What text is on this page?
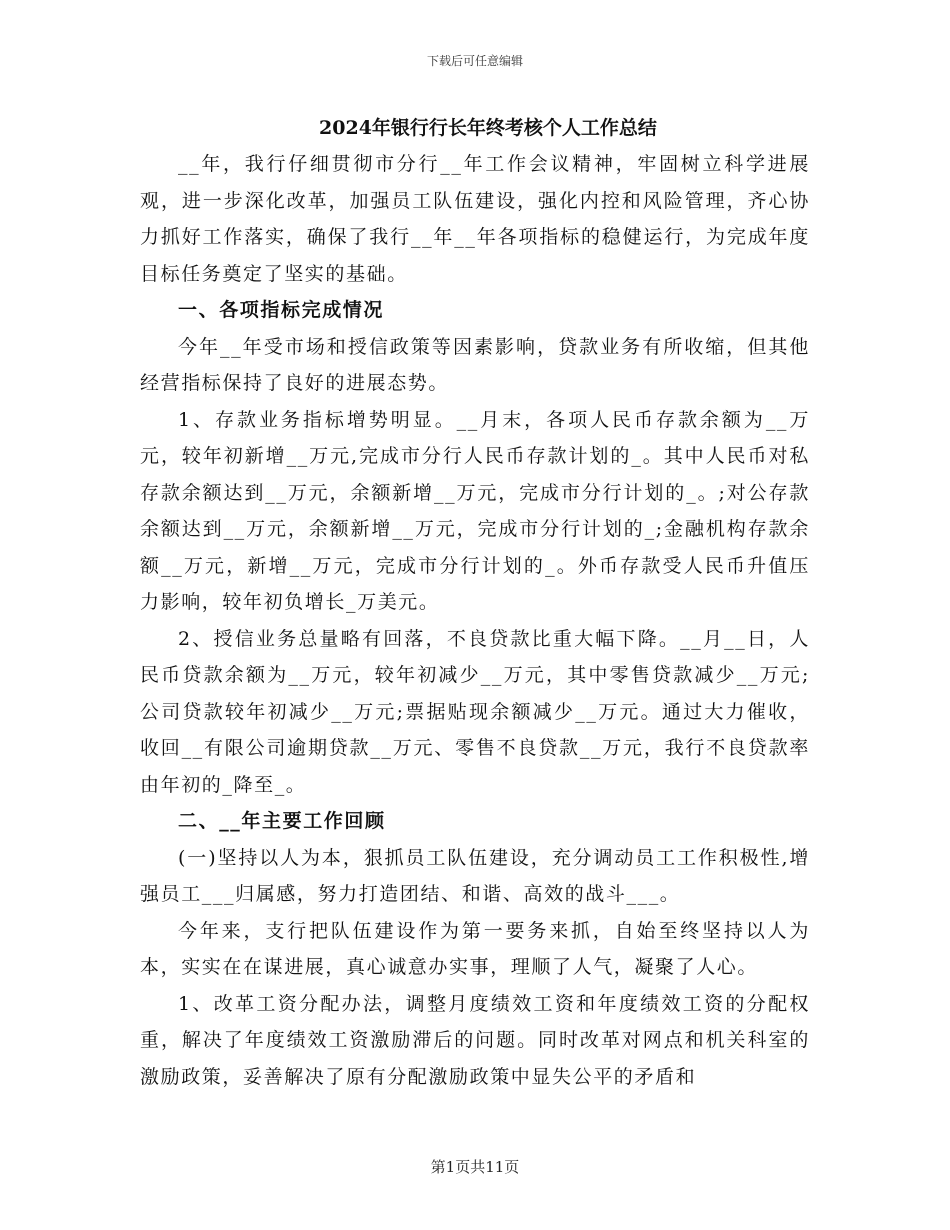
下载后可任意编辑
2024年银行行长年终考核个人工作总结

__年，我行仔细贯彻市分行__年工作会议精神，牢固树立科学进展观，进一步深化改革，加强员工队伍建设，强化内控和风险管理，齐心协力抓好工作落实，确保了我行__年__年各项指标的稳健运行，为完成年度目标任务奠定了坚实的基础。

一、各项指标完成情况

今年__年受市场和授信政策等因素影响，贷款业务有所收缩，但其他经营指标保持了良好的进展态势。

1、存款业务指标增势明显。__月末，各项人民币存款余额为__万元，较年初新增__万元,完成市分行人民币存款计划的_。其中人民币对私存款余额达到__万元，余额新增__万元，完成市分行计划的_。;对公存款余额达到__万元，余额新增__万元，完成市分行计划的_;金融机构存款余额__万元，新增__万元，完成市分行计划的_。外币存款受人民币升值压力影响，较年初负增长_万美元。

2、授信业务总量略有回落，不良贷款比重大幅下降。__月__日，人民币贷款余额为__万元，较年初减少__万元，其中零售贷款减少__万元;公司贷款较年初减少__万元;票据贴现余额减少__万元。通过大力催收，收回__有限公司逾期贷款__万元、零售不良贷款__万元，我行不良贷款率由年初的_降至_。

二、__年主要工作回顾

(一)坚持以人为本，狠抓员工队伍建设，充分调动员工工作积极性,增强员工___归属感，努力打造团结、和谐、高效的战斗___。

今年来，支行把队伍建设作为第一要务来抓，自始至终坚持以人为本，实实在在谋进展，真心诚意办实事，理顺了人气，凝聚了人心。

1、改革工资分配办法，调整月度绩效工资和年度绩效工资的分配权重，解决了年度绩效工资激励滞后的问题。同时改革对网点和机关科室的激励政策，妥善解决了原有分配激励政策中显失公平的矛盾和

第1页共11页
